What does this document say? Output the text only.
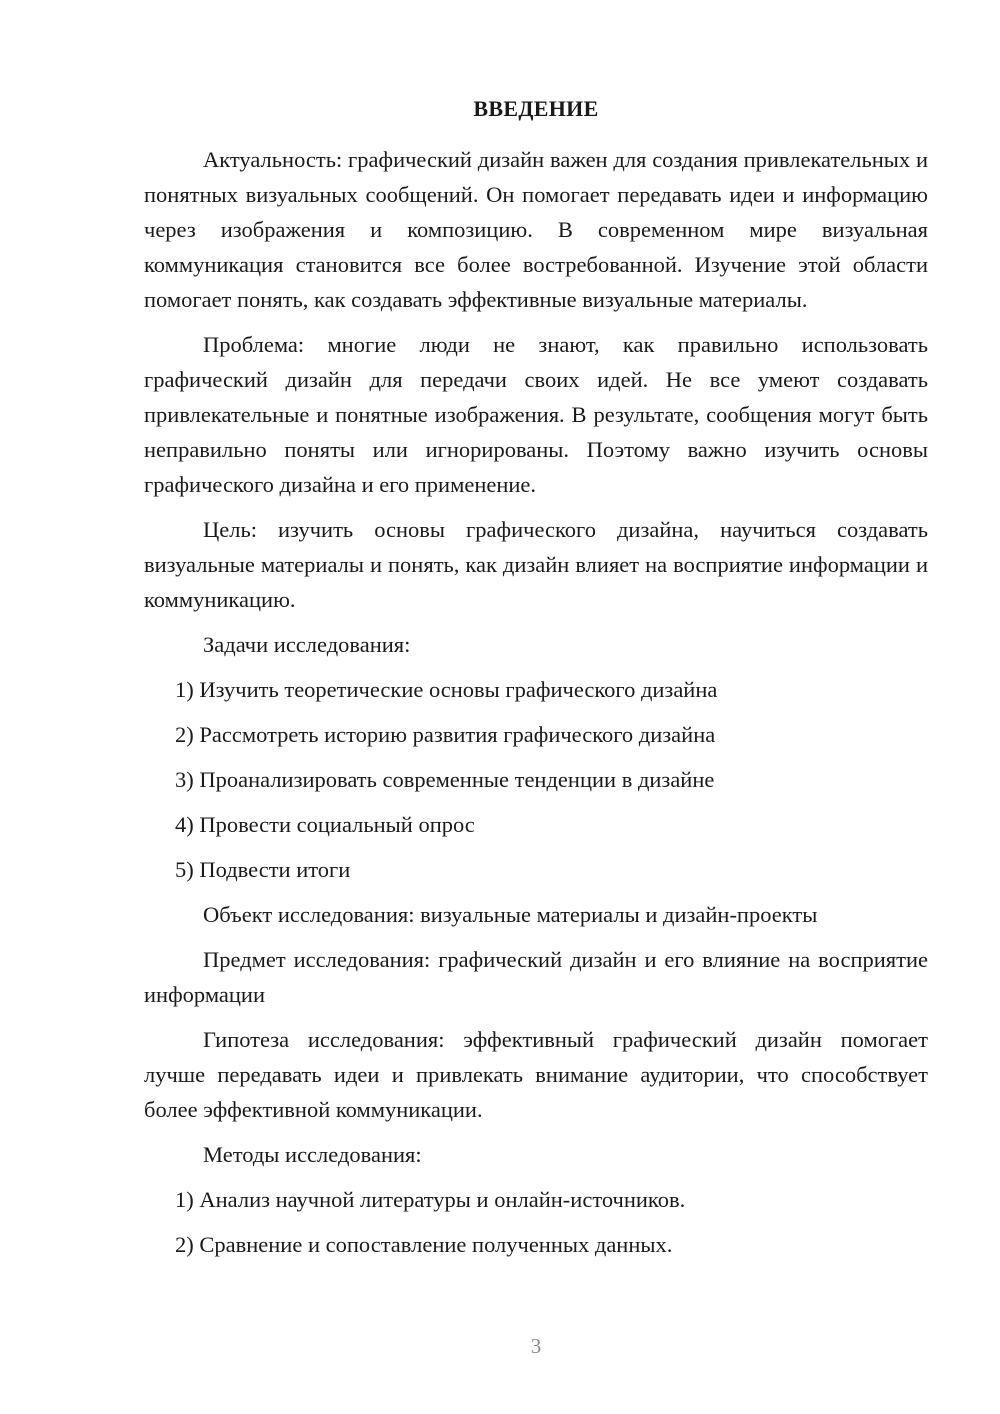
ВВЕДЕНИЕ

Актуальность: графический дизайн важен для создания привлекательных и понятных визуальных сообщений. Он помогает передавать идеи и информацию через изображения и композицию. В современном мире визуальная коммуникация становится все более востребованной. Изучение этой области помогает понять, как создавать эффективные визуальные материалы.

Проблема: многие люди не знают, как правильно использовать графический дизайн для передачи своих идей. Не все умеют создавать привлекательные и понятные изображения. В результате, сообщения могут быть неправильно поняты или игнорированы. Поэтому важно изучить основы графического дизайна и его применение.

Цель: изучить основы графического дизайна, научиться создавать визуальные материалы и понять, как дизайн влияет на восприятие информации и коммуникацию.

Задачи исследования:

1) Изучить теоретические основы графического дизайна

2) Рассмотреть историю развития графического дизайна

3) Проанализировать современные тенденции в дизайне

4) Провести социальный опрос

5) Подвести итоги

Объект исследования: визуальные материалы и дизайн-проекты

Предмет исследования: графический дизайн и его влияние на восприятие информации

Гипотеза исследования: эффективный графический дизайн помогает лучше передавать идеи и привлекать внимание аудитории, что способствует более эффективной коммуникации.

Методы исследования:

1) Анализ научной литературы и онлайн-источников.

2) Сравнение и сопоставление полученных данных.

3
